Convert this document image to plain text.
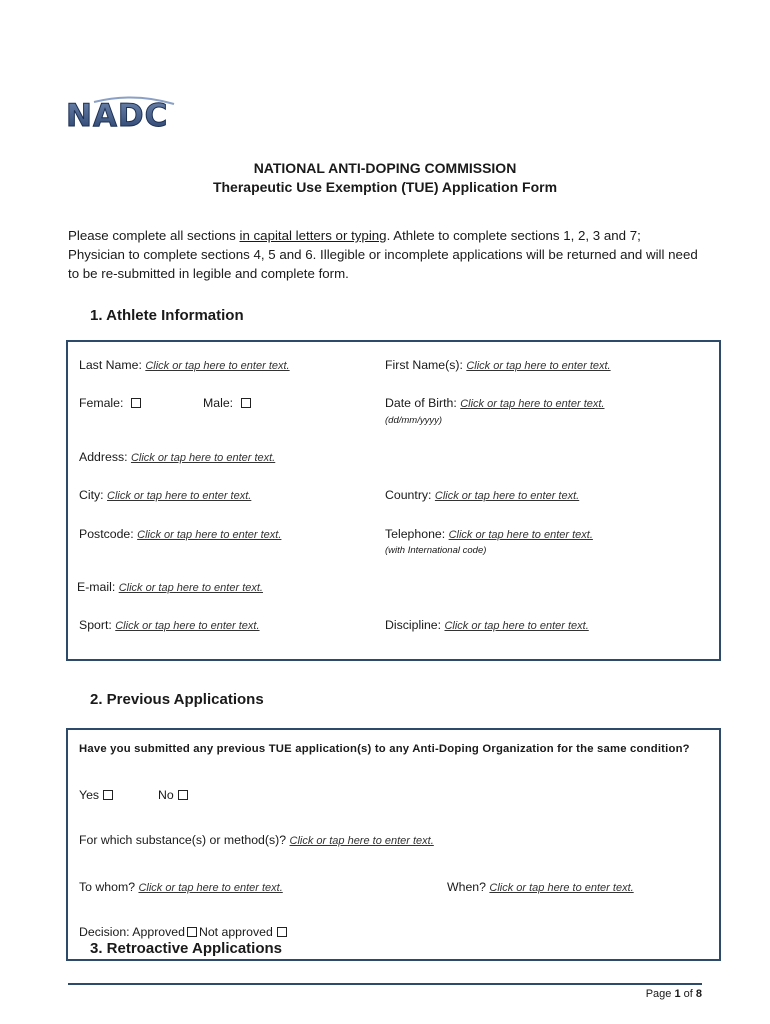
NADC
NATIONAL ANTI-DOPING COMMISSION
Therapeutic Use Exemption (TUE) Application Form
Please complete all sections in capital letters or typing. Athlete to complete sections 1, 2, 3 and 7; Physician to complete sections 4, 5 and 6. Illegible or incomplete applications will be returned and will need to be re-submitted in legible and complete form.
1. Athlete Information
Last Name: Click or tap here to enter text.	First Name(s): Click or tap here to enter text.
Female:	Male:	Date of Birth: Click or tap here to enter text.
(dd/mm/yyyy)
Address: Click or tap here to enter text.
City: Click or tap here to enter text.	Country: Click or tap here to enter text.
Postcode: Click or tap here to enter text.	Telephone: Click or tap here to enter text.
(with International code)
E-mail: Click or tap here to enter text.
Sport: Click or tap here to enter text.	Discipline: Click or tap here to enter text.
2. Previous Applications
Have you submitted any previous TUE application(s) to any Anti-Doping Organization for the same condition?
Yes	No
For which substance(s) or method(s)? Click or tap here to enter text.
To whom? Click or tap here to enter text.	When? Click or tap here to enter text.
Decision: Approved Not approved
3. Retroactive Applications
Page 1 of 8
